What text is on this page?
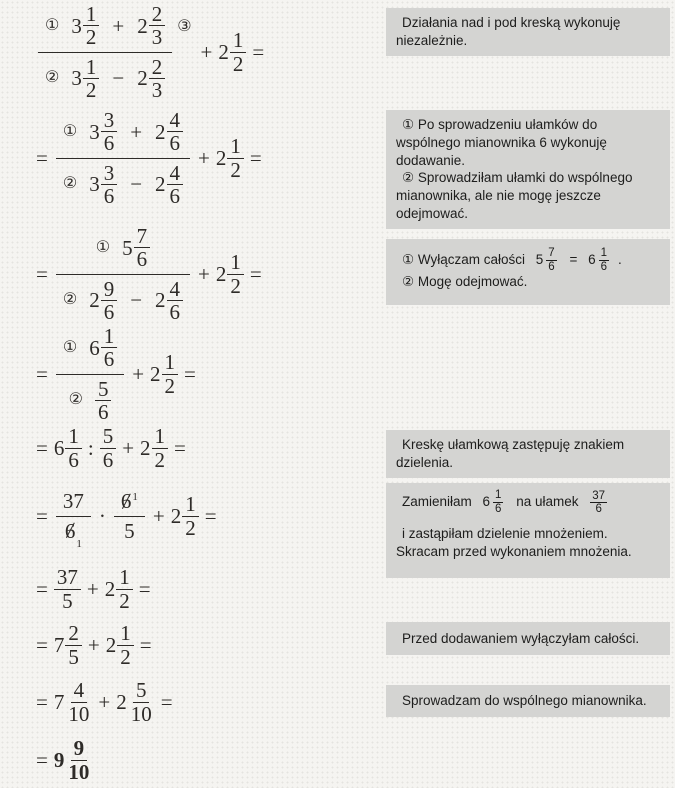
① $3 \frac{1}{2} + 2 \frac{2}{3}$
② $3 \frac{1}{2} - 2 \frac{2}{3}$
③
+ $2 \frac{1}{2}$ =
=
① $3 \frac{3}{6} + 2 \frac{4}{6}$
② $3 \frac{3}{6} - 2 \frac{4}{6}$
+ $2 \frac{1}{2}$ =
=
① $5 \frac{7}{6}$
② $2 \frac{9}{6} - 2 \frac{4}{6}$
+ $2 \frac{1}{2}$ =
=
① $6 \frac{1}{6}$
② $\frac{5}{6}$
+ $2 \frac{1}{2}$ =
= $6 \frac{1}{6}$ : $\frac{5}{6} + 2 \frac{1}{2}$ =
=
37
$6_1$
·
$6^1$
5
+ $2 \frac{1}{2}$ =
= $\frac{37}{5} + 2 \frac{1}{2}$ =
= $7 \frac{2}{5} + 2 \frac{1}{2}$ =
= $7 \frac{4}{10} + 2 \frac{5}{10}$ =
= $9 \frac{9}{10}$

Działania nad i pod kreską wykonuję niezależnie.

① Po sprowadzeniu ułamków do wspólnego mianownika 6 wykonuję dodawanie.

② Sprowadziłam ułamki do wspólnego mianownika, ale nie mogę jeszcze odejmować.

① Wyłączam całości $5 \frac{7}{6} = 6 \frac{1}{6}$ .

② Mogę odejmować.

Kreskę ułamkową zastępuję znakiem dzielenia.

Zamieniłam $6 \frac{1}{6}$ na ułamek $\frac{37}{6}$

i zastąpiłam dzielenie mnożeniem. Skracam przed wykonaniem mnożenia.

Przed dodawaniem wyłączyłam całości.

Sprowadzam do wspólnego mianownika.
